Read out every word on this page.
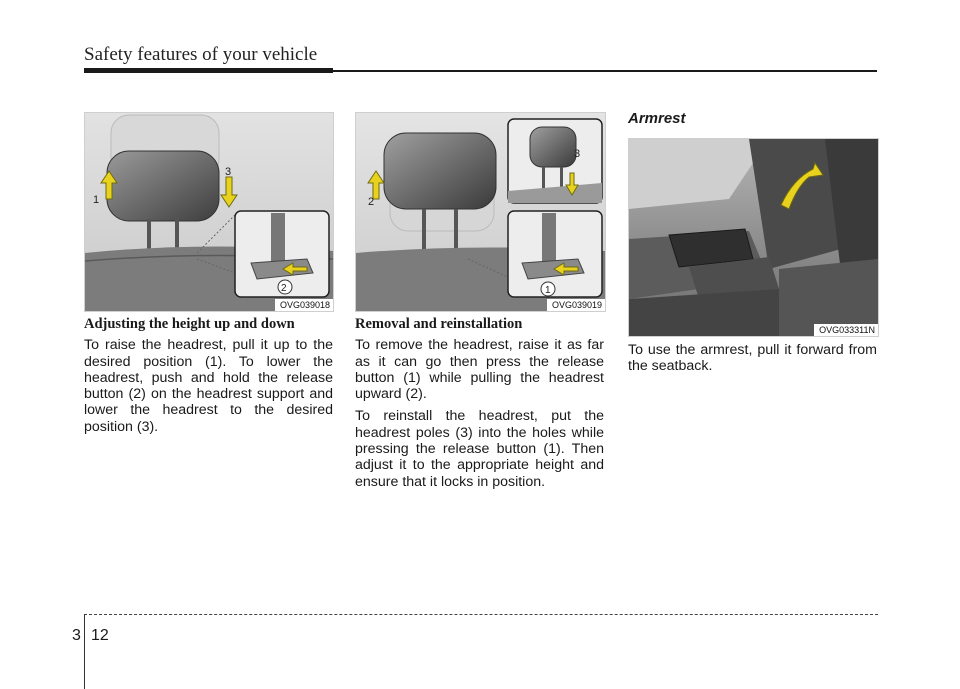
Safety features of your vehicle
1
2
3
OVG039018
1
2
3
OVG039019
OVG033311N
Adjusting the height up and down

To raise the headrest, pull it up to the desired position (1). To lower the headrest, push and hold the release button (2) on the headrest support and lower the headrest to the desired position (3).

Removal and reinstallation

To remove the headrest, raise it as far as it can go then press the release button (1) while pulling the headrest upward (2).

To reinstall the headrest, put the headrest poles (3) into the holes while pressing the release button (1). Then adjust it to the appropriate height and ensure that it locks in position.

Armrest

To use the armrest, pull it forward from the seatback.

3 12
